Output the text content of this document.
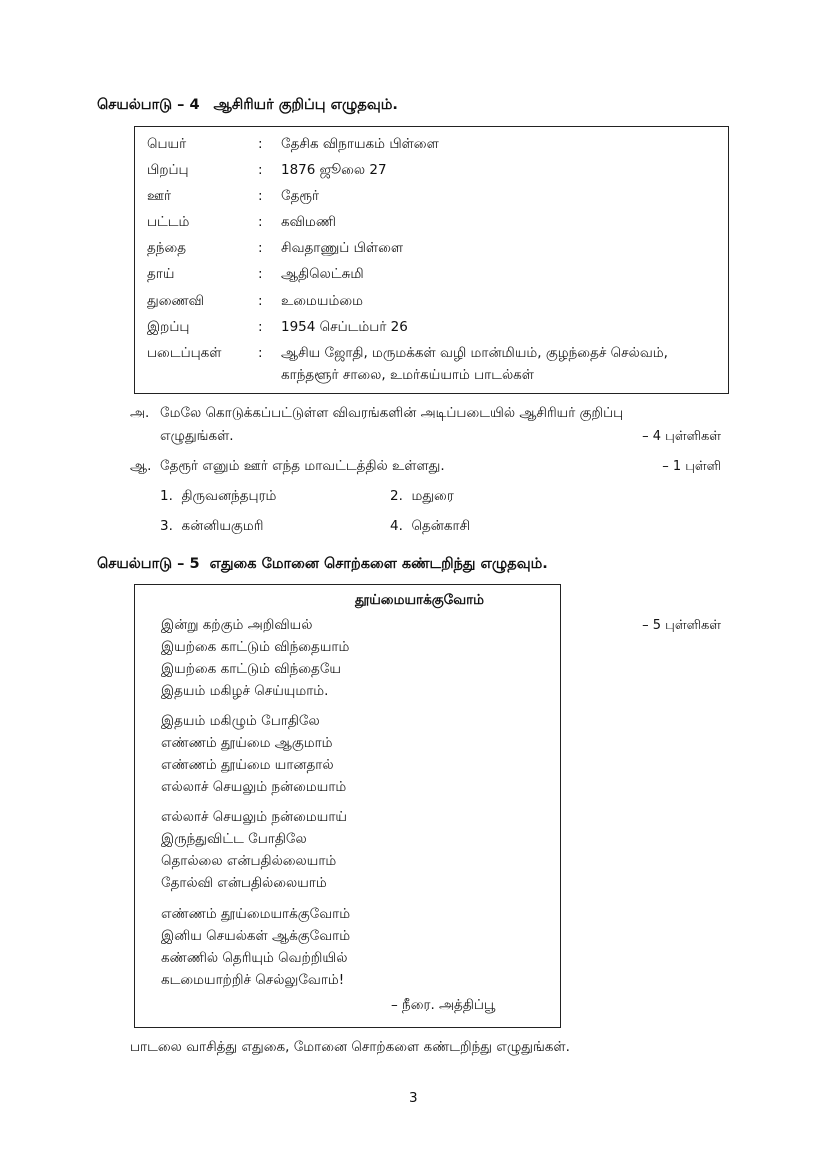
செயல்பாடு – 4 ஆசிரியர் குறிப்பு எழுதவும்.
பெயர்	: தேசிக விநாயகம் பிள்ளை
பிறப்பு	: 1876 ஜூலை 27
ஊர்	: தேரூர்
பட்டம்	: கவிமணி
தந்தை	: சிவதாணுப் பிள்ளை
தாய்	: ஆதிலெட்சுமி
துணைவி	: உமையம்மை
இறப்பு	: 1954 செப்டம்பர் 26
படைப்புகள்	: ஆசிய ஜோதி, மருமக்கள் வழி மான்மியம், குழந்தைச் செல்வம்,
காந்தளூர் சாலை, உமர்கய்யாம் பாடல்கள்
அ. மேலே கொடுக்கப்பட்டுள்ள விவரங்களின் அடிப்படையில் ஆசிரியர் குறிப்பு
எழுதுங்கள்.	– 4 புள்ளிகள்
ஆ. தேரூர் எனும் ஊர் எந்த மாவட்டத்தில் உள்ளது.	– 1 புள்ளி
1. திருவனந்தபுரம்	2. மதுரை
3. கன்னியகுமரி	4. தென்காசி
செயல்பாடு – 5 எதுகை மோனை சொற்களை கண்டறிந்து எழுதவும்.
தூய்மையாக்குவோம்
இன்று கற்கும் அறிவியல்
இயற்கை காட்டும் விந்தையாம்
இயற்கை காட்டும் விந்தையே
இதயம் மகிழச் செய்யுமாம்.
இதயம் மகிழும் போதிலே
எண்ணம் தூய்மை ஆகுமாம்
எண்ணம் தூய்மை யானதால்
எல்லாச் செயலும் நன்மையாம்
எல்லாச் செயலும் நன்மையாய்
இருந்துவிட்ட போதிலே
தொல்லை என்பதில்லையாம்
தோல்வி என்பதில்லையாம்
எண்ணம் தூய்மையாக்குவோம்
இனிய செயல்கள் ஆக்குவோம்
கண்ணில் தெரியும் வெற்றியில்
கடமையாற்றிச் செல்லுவோம்!
– நீரை. அத்திப்பூ
– 5 புள்ளிகள்
பாடலை வாசித்து எதுகை, மோனை சொற்களை கண்டறிந்து எழுதுங்கள்.
3
